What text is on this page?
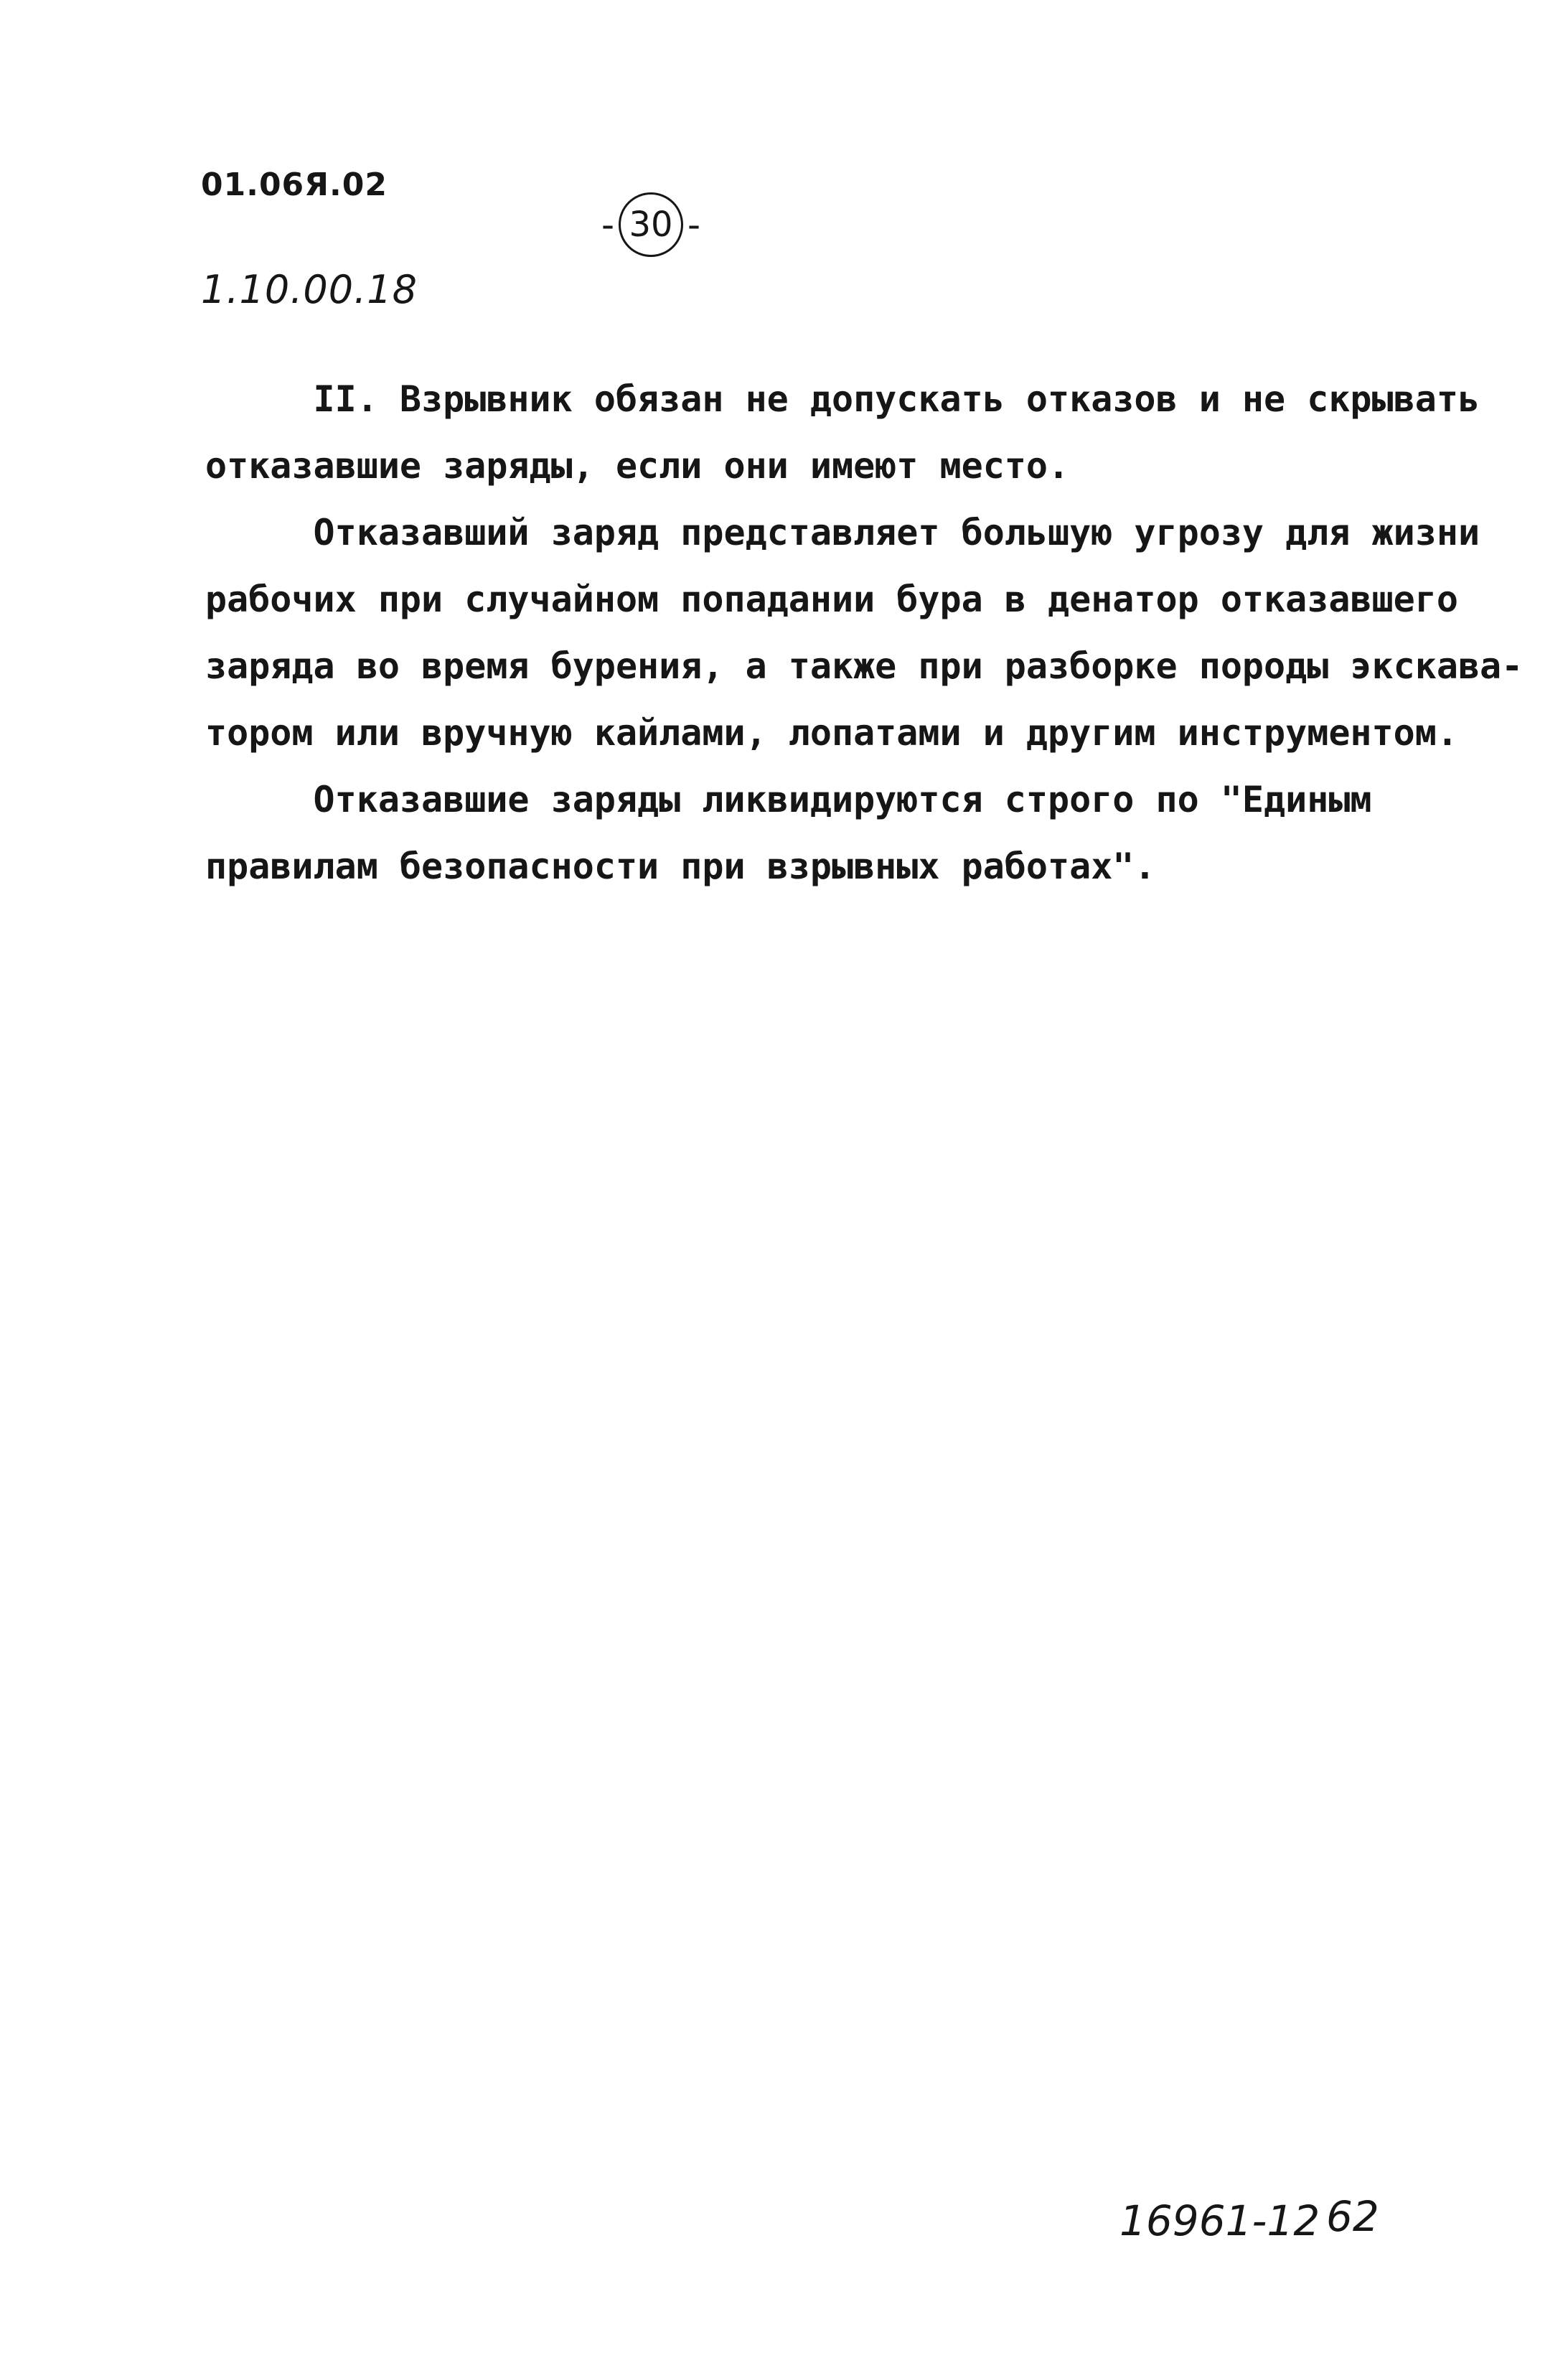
01.06Я.02
- 30 -
1.10.00.18
II. Взрывник обязан не допускать отказов и не скрывать
отказавшие заряды, если они имеют место.
Отказавший заряд представляет большую угрозу для жизни
рабочих при случайном попадании бура в денатор отказавшего
заряда во время бурения, а также при разборке породы экскава-
тором или вручную кайлами, лопатами и другим инструментом.
Отказавшие заряды ликвидируются строго по "Единым
правилам безопасности при взрывных работах".
16961-12 62
